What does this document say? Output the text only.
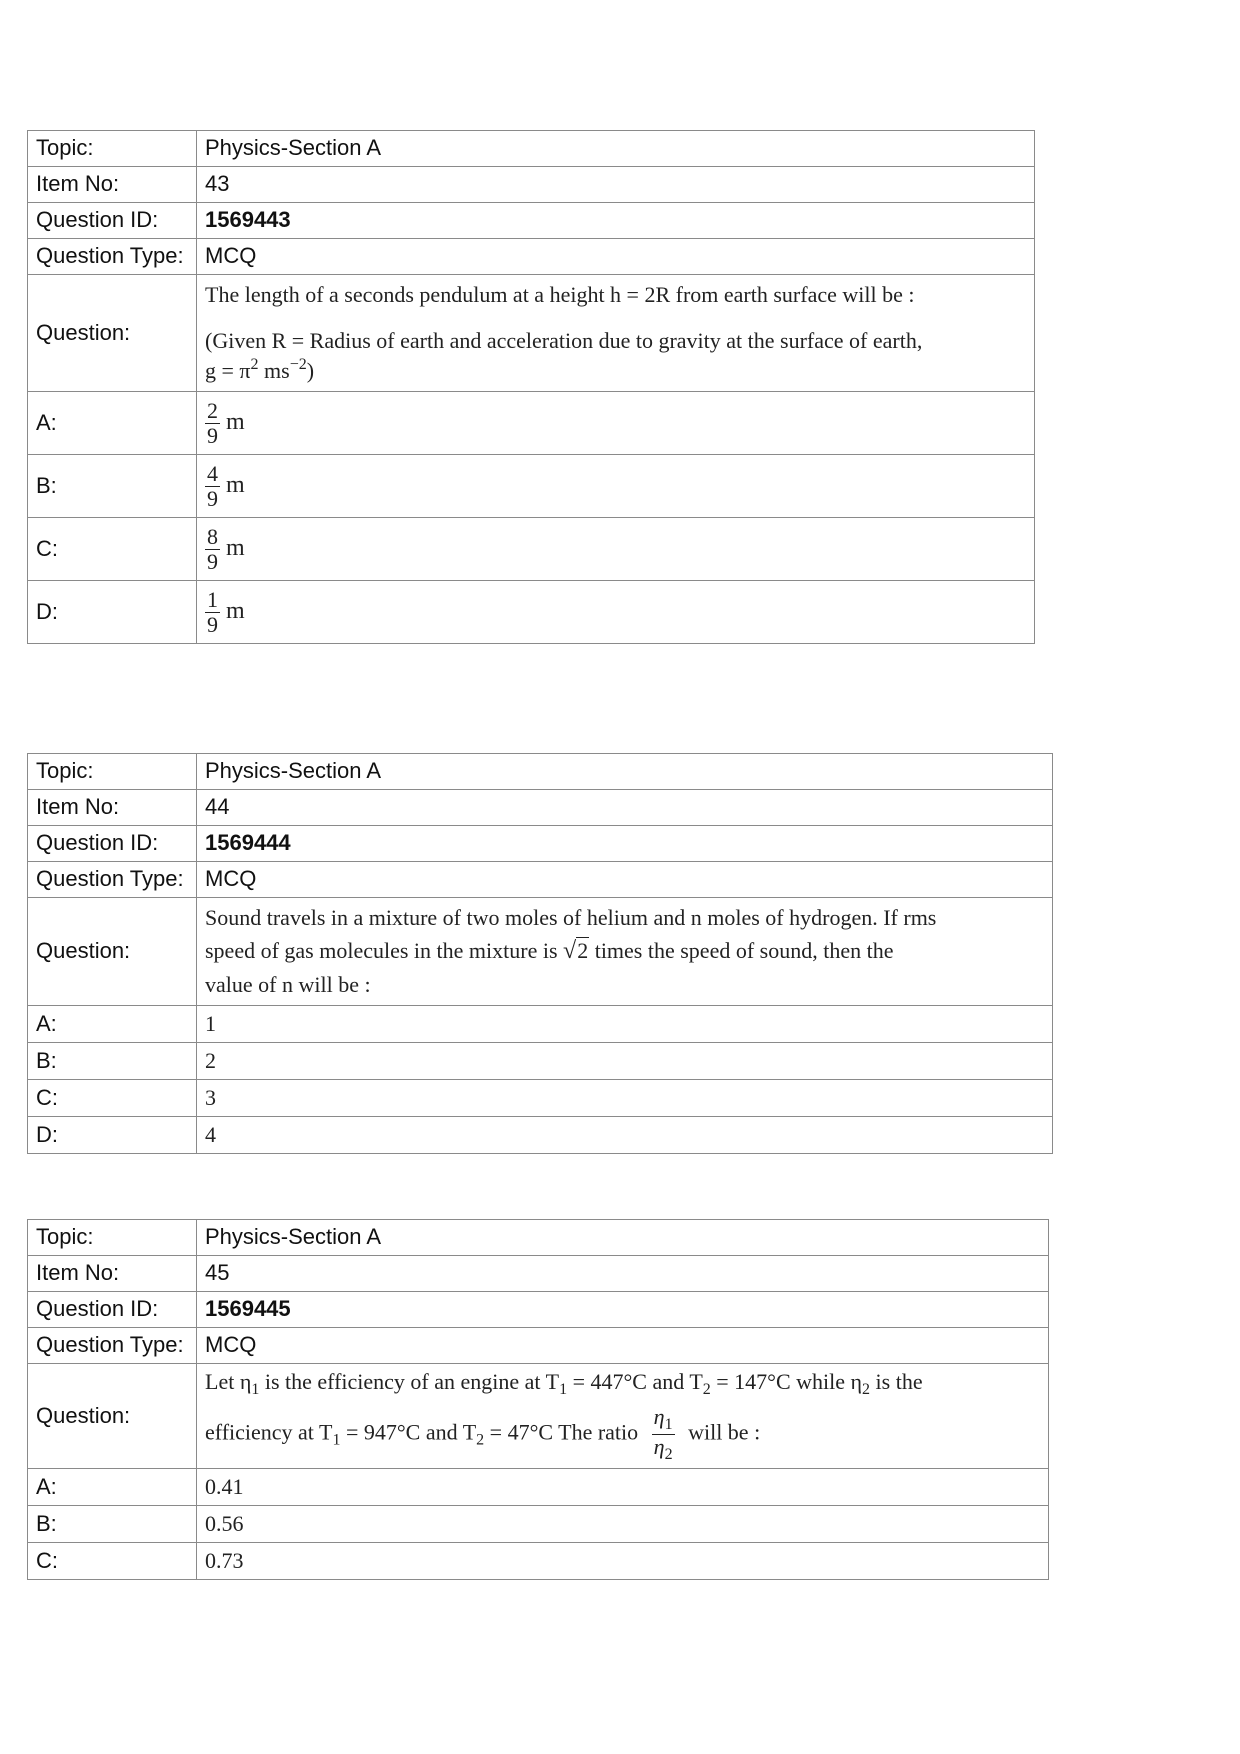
Topic:	Physics-Section A
Item No:	43
Question ID:	1569443
Question Type:	MCQ
Question:	The length of a seconds pendulum at a height h = 2R from earth surface will be :
(Given R = Radius of earth and acceleration due to gravity at the surface of earth,
$g = \pi^2$ $ms^{-2}$)

A:	$\frac{2}{9}$ m
B:	$\frac{4}{9}$ m
C:	$\frac{8}{9}$ m
D:	$\frac{1}{9}$ m
Topic:	Physics-Section A
Item No:	44
Question ID:	1569444
Question Type:	MCQ
Question:	Sound travels in a mixture of two moles of helium and n moles of hydrogen. If rms
speed of gas molecules in the mixture is √2 times the speed of sound, then the
value of n will be :

A:	1
B:	2
C:	3
D:	4
Topic:	Physics-Section A
Item No:	45
Question ID:	1569445
Question Type:	MCQ
Question:	Let $\eta_1$ is the efficiency of an engine at $T_1 = 447^\circ C$ and $T_2 = 147^\circ C$ while $\eta_2$ is the
efficiency at $T_1 = 947^\circ C$ and $T_2 = 47^\circ C$ The ratio $\frac{\eta_1}{\eta_2}$ will be :

A:	0.41
B:	0.56
C:	0.73
